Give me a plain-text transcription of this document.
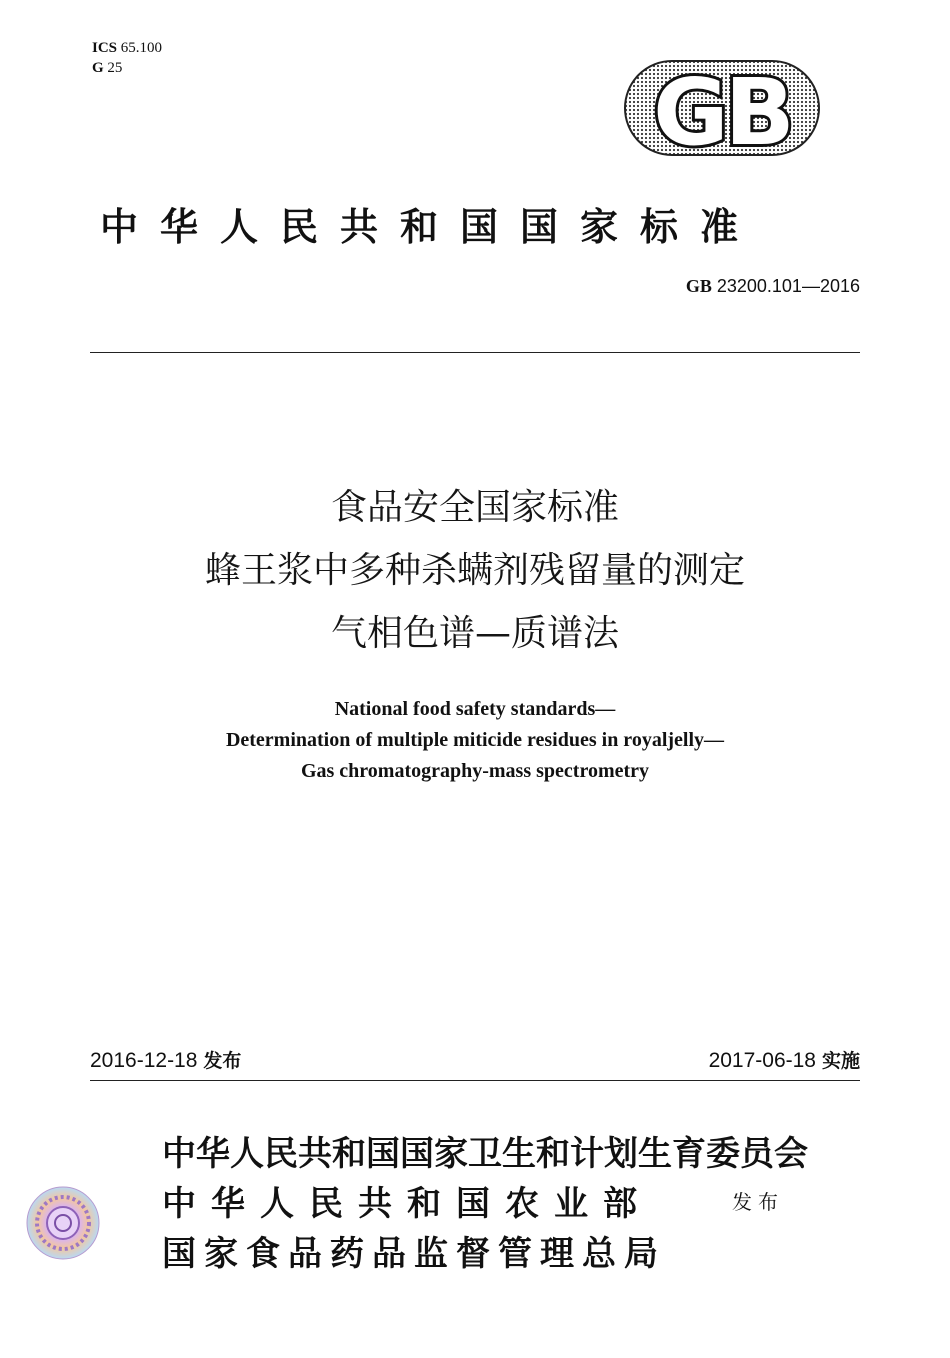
ICS 65.100
G 25	GB
中华人民共和国国家标准
GB 23200.101—2016
食品安全国家标准
蜂王浆中多种杀螨剂残留量的测定
气相色谱—质谱法
National food safety standards—
Determination of multiple miticide residues in royaljelly—
Gas chromatography-mass spectrometry
2016-12-18 发布	2017-06-18 实施
中华人民共和国国家卫生和计划生育委员会
中华人民共和国农业部
国家食品药品监督管理总局
发布
